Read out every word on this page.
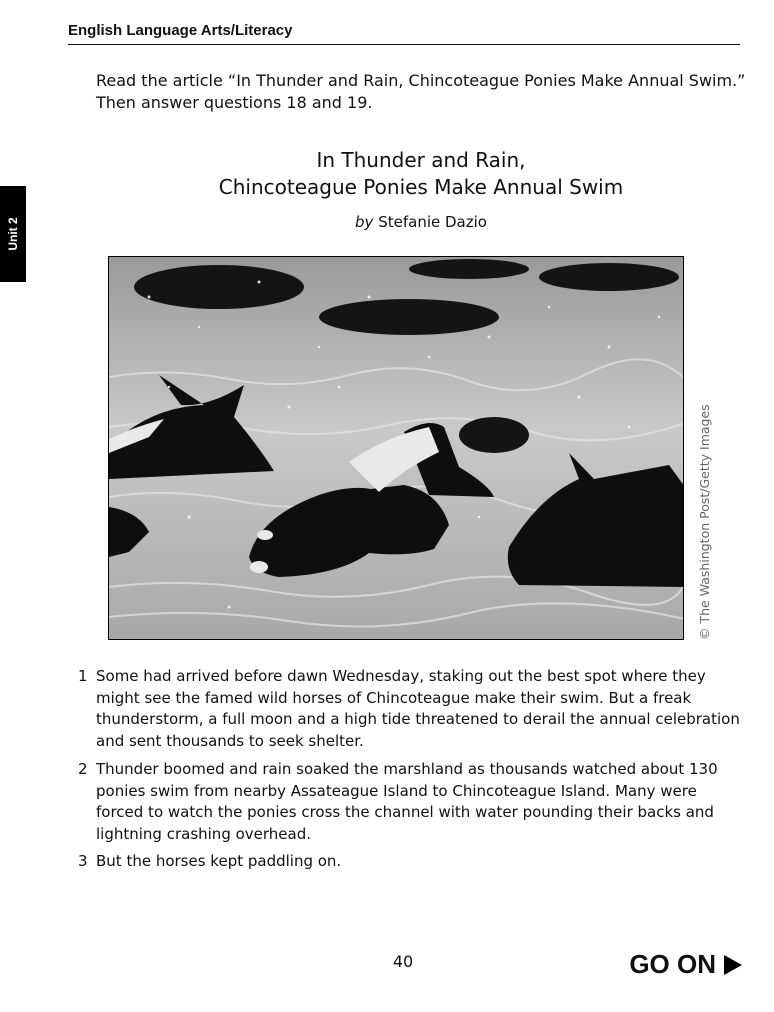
English Language Arts/Literacy
Unit 2
Read the article “In Thunder and Rain, Chincoteague Ponies Make Annual Swim.” Then answer questions 18 and 19.
In Thunder and Rain,
Chincoteague Ponies Make Annual Swim
by Stefanie Dazio
© The Washington Post/Getty Images
1 Some had arrived before dawn Wednesday, staking out the best spot where they might see the famed wild horses of Chincoteague make their swim. But a freak thunderstorm, a full moon and a high tide threatened to derail the annual celebration and sent thousands to seek shelter.
2 Thunder boomed and rain soaked the marshland as thousands watched about 130 ponies swim from nearby Assateague Island to Chincoteague Island. Many were forced to watch the ponies cross the channel with water pounding their backs and lightning crashing overhead.
3 But the horses kept paddling on.
40	GO ON
